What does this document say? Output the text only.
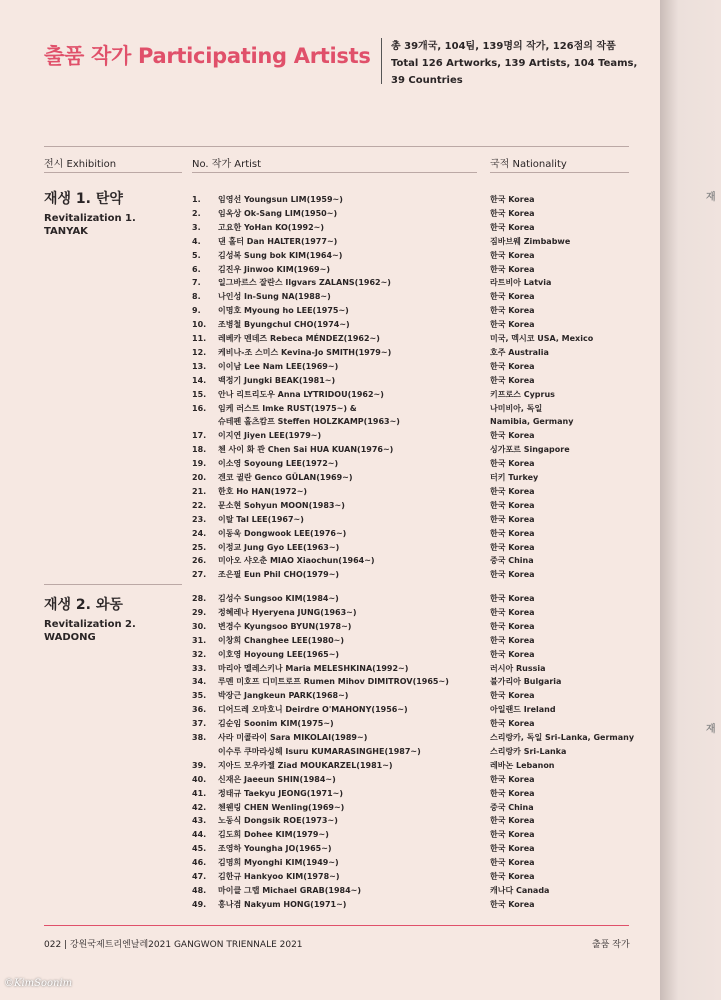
재
재
출품 작가 Participating Artists 총 39개국, 104팀, 139명의 작가, 126점의 작품
Total 126 Artworks, 139 Artists, 104 Teams,
39 Countries
전시 Exhibition	No. 작가 Artist	국적 Nationality
재생 1. 탄약
Revitalization 1.
TANYAK
재생 2. 와동
Revitalization 2.
WADONG
1.	임영선 Youngsun LIM(1959~)	한국 Korea
2.	임옥상 Ok-Sang LIM(1950~)	한국 Korea
3.	고요한 YoHan KO(1992~)	한국 Korea
4.	댄 홀터 Dan HALTER(1977~)	짐바브웨 Zimbabwe
5.	김성복 Sung bok KIM(1964~)	한국 Korea
6.	김진우 Jinwoo KIM(1969~)	한국 Korea
7.	일그바르스 잘란스 Ilgvars ZALANS(1962~)	라트비아 Latvia
8.	나인성 In-Sung NA(1988~)	한국 Korea
9.	이명호 Myoung ho LEE(1975~)	한국 Korea
10.	조병철 Byungchul CHO(1974~)	한국 Korea
11.	레베카 멘데즈 Rebeca MÉNDEZ(1962~)	미국, 멕시코 USA, Mexico
12.	케비나-조 스미스 Kevina-Jo SMITH(1979~)	호주 Australia
13.	이이남 Lee Nam LEE(1969~)	한국 Korea
14.	백정기 Jungki BEAK(1981~)	한국 Korea
15.	안나 리트리도우 Anna LYTRIDOU(1962~)	키프로스 Cyprus
16.	임케 러스트 Imke RUST(1975~) &	나미비아, 독일
슈테펜 홀츠캄프 Steffen HOLZKAMP(1963~)	Namibia, Germany
17.	이지연 Jiyen LEE(1979~)	한국 Korea
18.	첸 사이 화 콴 Chen Sai HUA KUAN(1976~)	싱가포르 Singapore
19.	이소영 Soyoung LEE(1972~)	한국 Korea
20.	겐코 귈란 Genco GÜLAN(1969~)	터키 Turkey
21.	한호 Ho HAN(1972~)	한국 Korea
22.	문소현 Sohyun MOON(1983~)	한국 Korea
23.	이탈 Tal LEE(1967~)	한국 Korea
24.	이동욱 Dongwook LEE(1976~)	한국 Korea
25.	이정교 Jung Gyo LEE(1963~)	한국 Korea
26.	미아오 샤오춘 MIAO Xiaochun(1964~)	중국 China
27.	조은필 Eun Phil CHO(1979~)	한국 Korea
28.	김성수 Sungsoo KIM(1984~)	한국 Korea
29.	정혜레나 Hyeryena JUNG(1963~)	한국 Korea
30.	변경수 Kyungsoo BYUN(1978~)	한국 Korea
31.	이창희 Changhee LEE(1980~)	한국 Korea
32.	이호영 Hoyoung LEE(1965~)	한국 Korea
33.	마리아 멜레스키나 Maria MELESHKINA(1992~)	러시아 Russia
34.	루멘 미호프 디미트로프 Rumen Mihov DIMITROV(1965~)	불가리아 Bulgaria
35.	박장근 Jangkeun PARK(1968~)	한국 Korea
36.	디어드레 오마호니 Deirdre O'MAHONY(1956~)	아일랜드 Ireland
37.	김순임 Soonim KIM(1975~)	한국 Korea
38.	사라 미콜라이 Sara MIKOLAI(1989~)	스리랑카, 독일 Sri-Lanka, Germany
이수루 쿠마라싱헤 Isuru KUMARASINGHE(1987~)	스리랑카 Sri-Lanka
39.	지아드 모우카젤 Ziad MOUKARZEL(1981~)	레바논 Lebanon
40.	신재은 Jaeeun SHIN(1984~)	한국 Korea
41.	정태규 Taekyu JEONG(1971~)	한국 Korea
42.	첸웬링 CHEN Wenling(1969~)	중국 China
43.	노동식 Dongsik ROE(1973~)	한국 Korea
44.	김도희 Dohee KIM(1979~)	한국 Korea
45.	조영하 Youngha JO(1965~)	한국 Korea
46.	김명희 Myonghi KIM(1949~)	한국 Korea
47.	김한규 Hankyoo KIM(1978~)	한국 Korea
48.	마이클 그랩 Michael GRAB(1984~)	캐나다 Canada
49.	홍나겸 Nakyum HONG(1971~)	한국 Korea
022 | 강원국제트리엔날레2021 GANGWON TRIENNALE 2021	출품 작가
©KimSoonim
